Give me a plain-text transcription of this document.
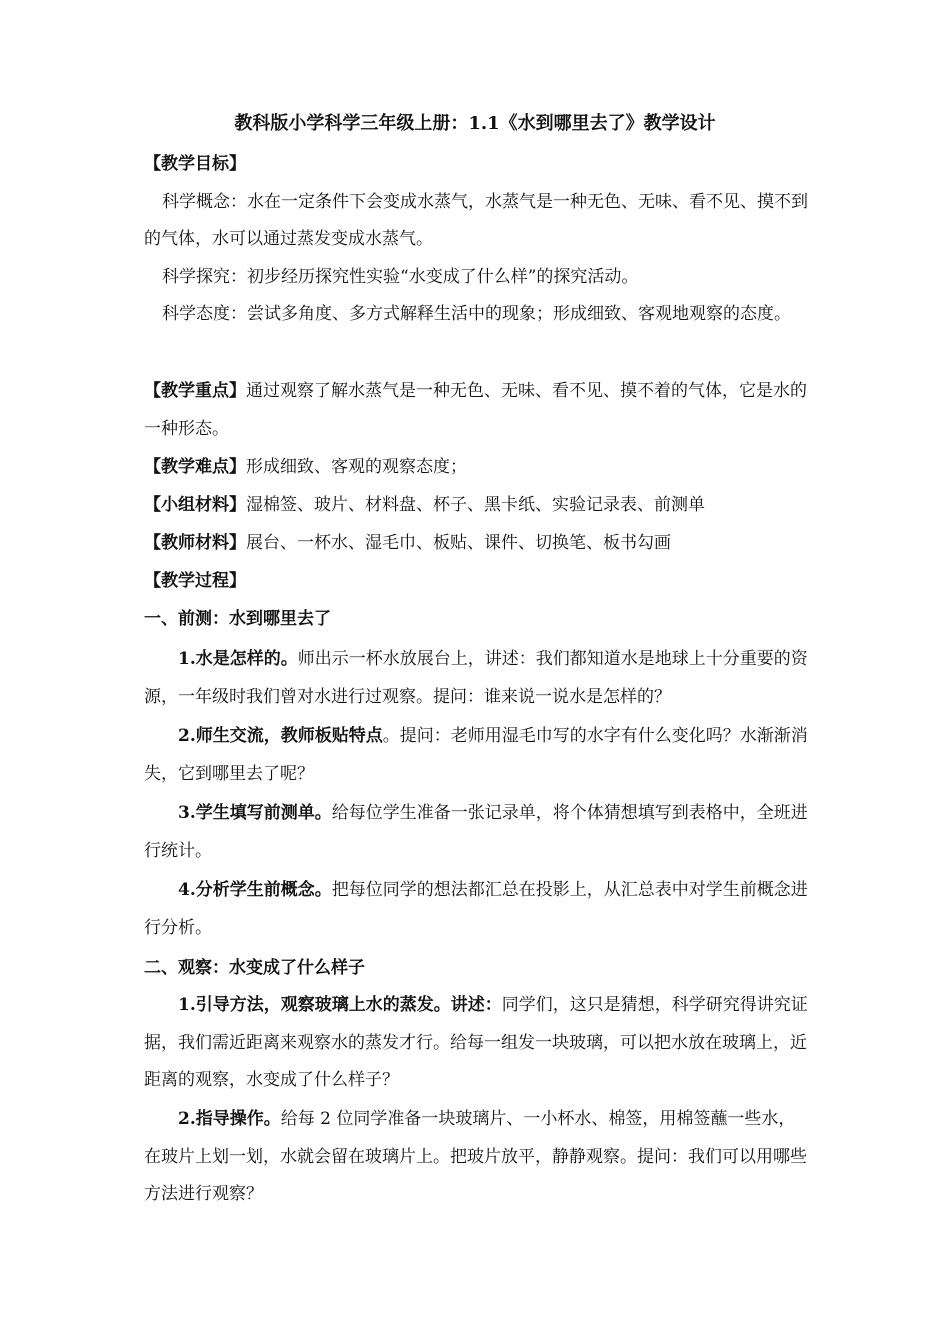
教科版小学科学三年级上册：1.1《水到哪里去了》教学设计

【教学目标】

科学概念：水在一定条件下会变成水蒸气，水蒸气是一种无色、无味、看不见、摸不到的气体，水可以通过蒸发变成水蒸气。

科学探究：初步经历探究性实验“水变成了什么样”的探究活动。

科学态度：尝试多角度、多方式解释生活中的现象；形成细致、客观地观察的态度。

【教学重点】通过观察了解水蒸气是一种无色、无味、看不见、摸不着的气体，它是水的一种形态。

【教学难点】形成细致、客观的观察态度；

【小组材料】湿棉签、玻片、材料盘、杯子、黑卡纸、实验记录表、前测单

【教师材料】展台、一杯水、湿毛巾、板贴、课件、切换笔、板书勾画

【教学过程】

一、前测：水到哪里去了

1.水是怎样的。师出示一杯水放展台上，讲述：我们都知道水是地球上十分重要的资源，一年级时我们曾对水进行过观察。提问：谁来说一说水是怎样的？

2.师生交流，教师板贴特点。提问：老师用湿毛巾写的水字有什么变化吗？水渐渐消失，它到哪里去了呢？

3.学生填写前测单。给每位学生准备一张记录单，将个体猜想填写到表格中，全班进行统计。

4.分析学生前概念。把每位同学的想法都汇总在投影上，从汇总表中对学生前概念进行分析。

二、观察：水变成了什么样子

1.引导方法，观察玻璃上水的蒸发。讲述：同学们，这只是猜想，科学研究得讲究证据，我们需近距离来观察水的蒸发才行。给每一组发一块玻璃，可以把水放在玻璃上，近距离的观察，水变成了什么样子？

2.指导操作。给每 2 位同学准备一块玻璃片、一小杯水、棉签，用棉签蘸一些水，在玻片上划一划，水就会留在玻璃片上。把玻片放平，静静观察。提问：我们可以用哪些方法进行观察？
